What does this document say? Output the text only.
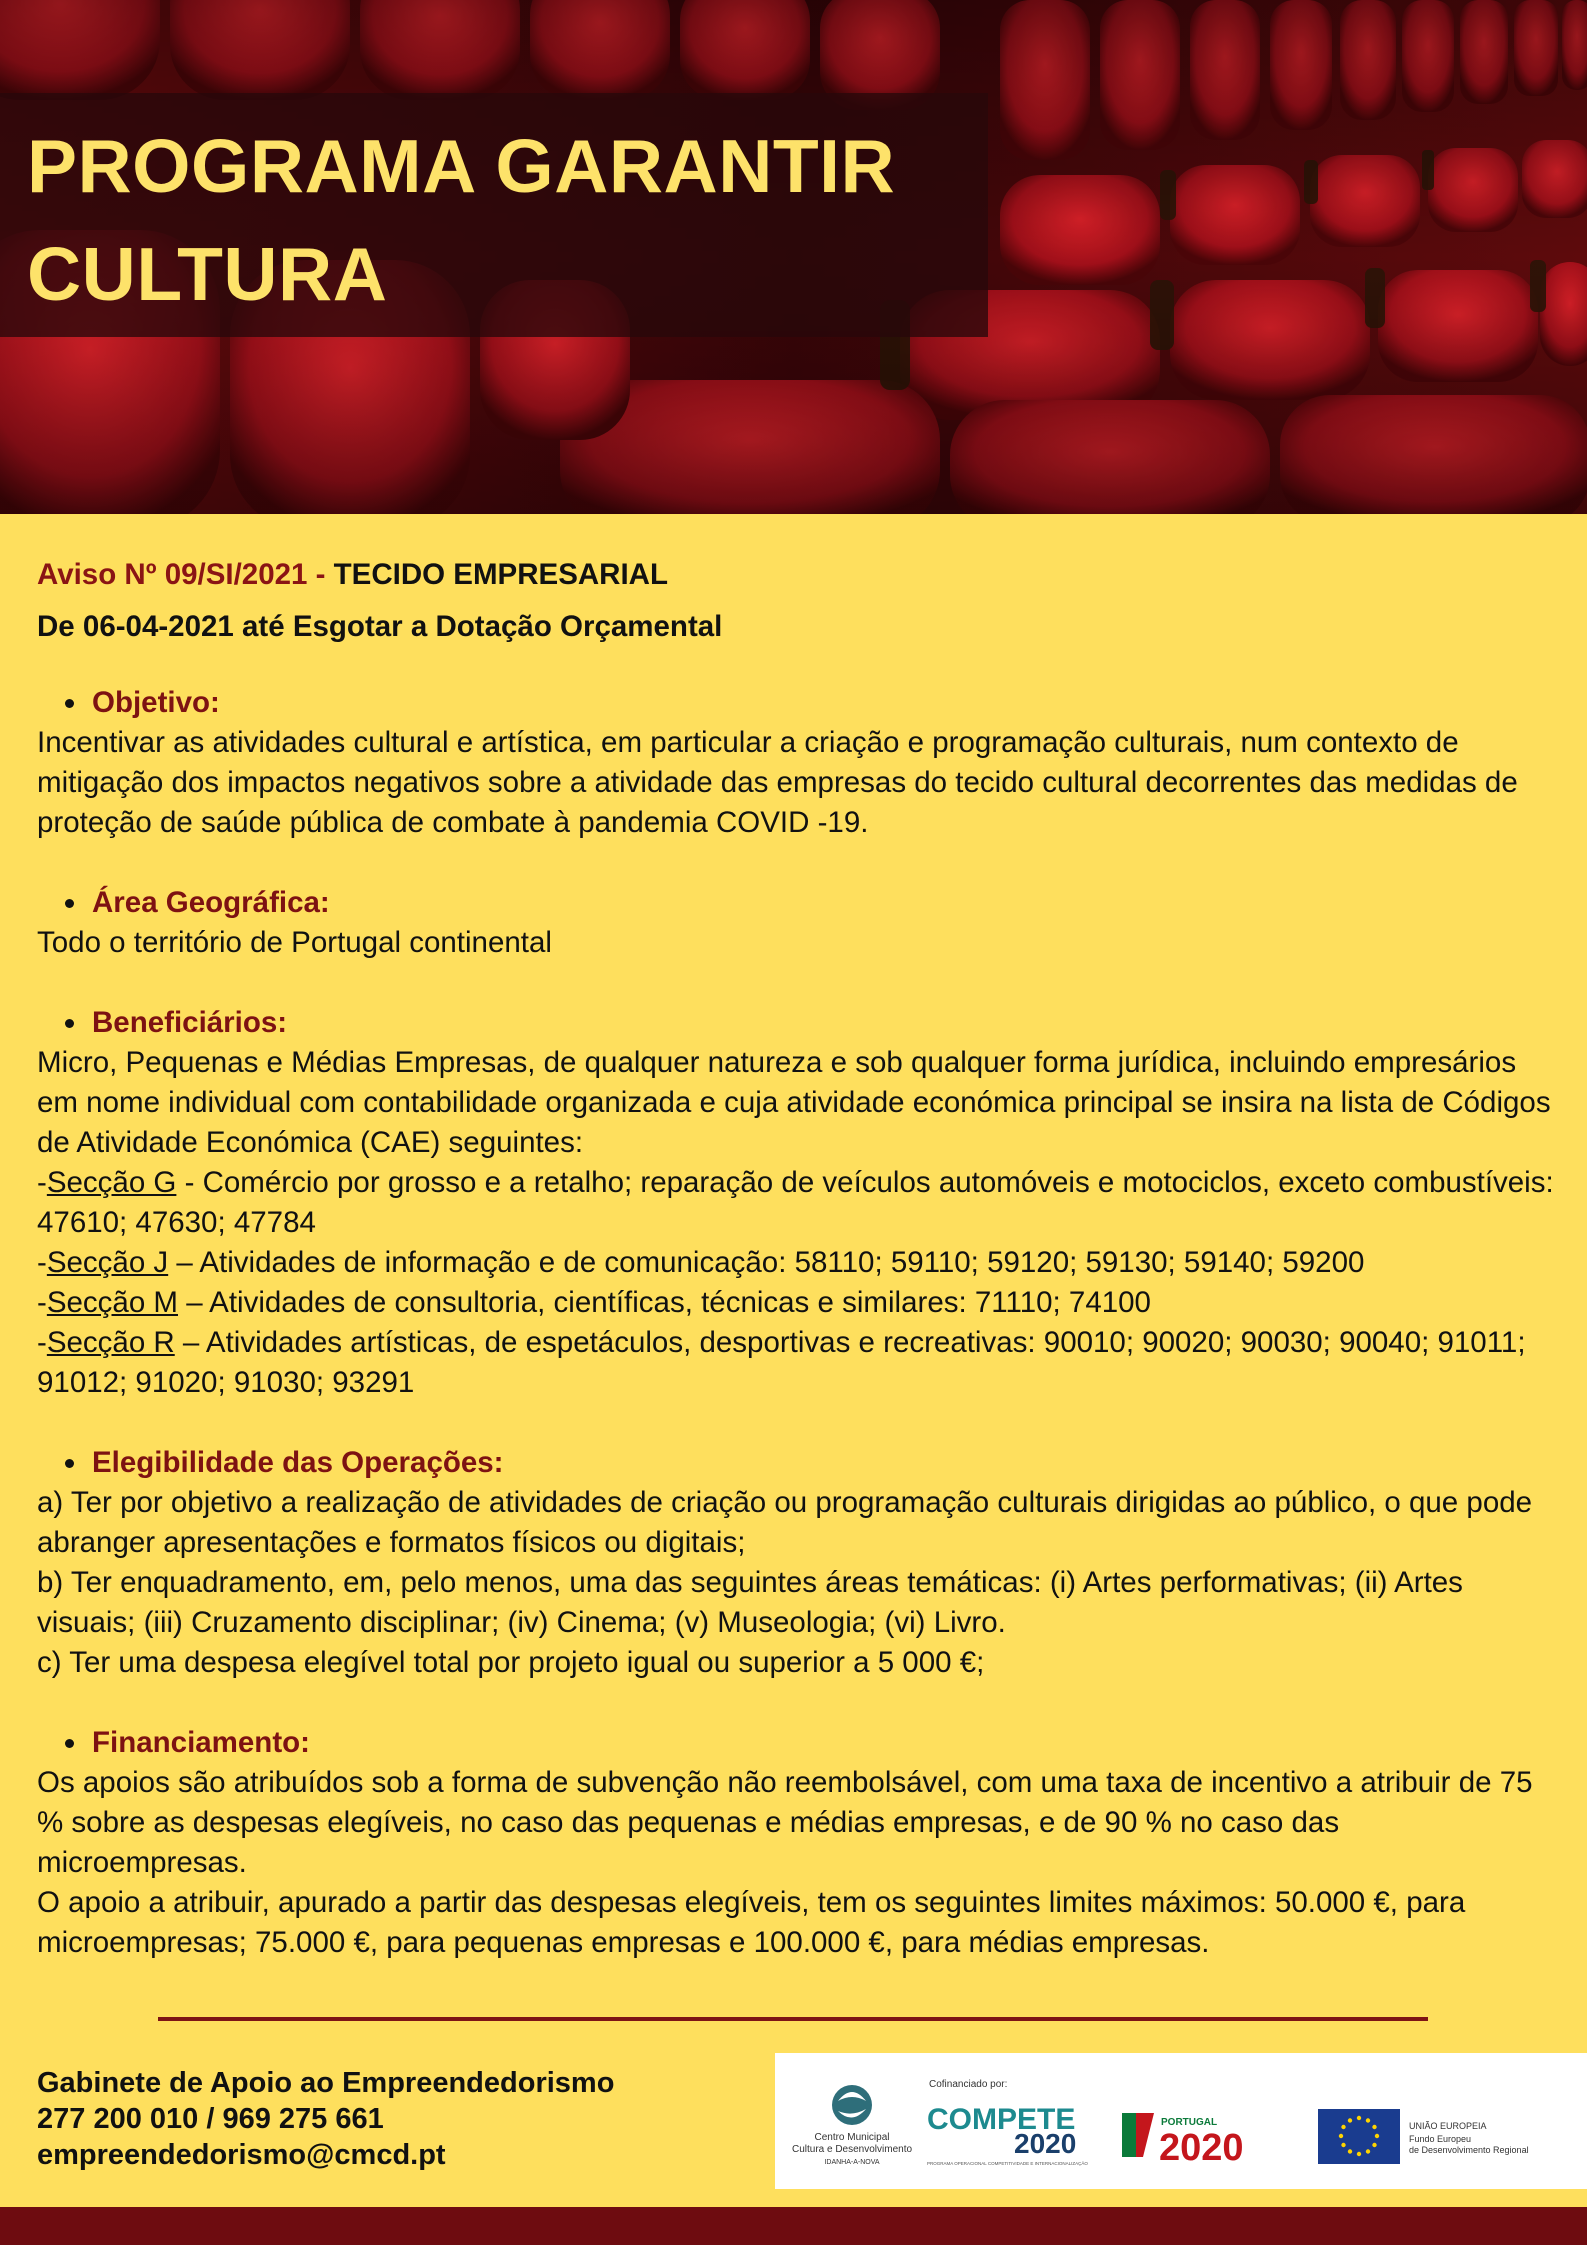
PROGRAMA GARANTIR
CULTURA

Aviso Nº 09/SI/2021 - TECIDO EMPRESARIAL

De 06-04-2021 até Esgotar a Dotação Orçamental

Objetivo:

Incentivar as atividades cultural e artística, em particular a criação e programação culturais, num contexto de mitigação dos impactos negativos sobre a atividade das empresas do tecido cultural decorrentes das medidas de proteção de saúde pública de combate à pandemia COVID -19.

Área Geográfica:

Todo o território de Portugal continental

Beneficiários:

Micro, Pequenas e Médias Empresas, de qualquer natureza e sob qualquer forma jurídica, incluindo empresários em nome individual com contabilidade organizada e cuja atividade económica principal se insira na lista de Códigos de Atividade Económica (CAE) seguintes:

-Secção G - Comércio por grosso e a retalho; reparação de veículos automóveis e motociclos, exceto combustíveis: 47610; 47630; 47784

-Secção J – Atividades de informação e de comunicação: 58110; 59110; 59120; 59130; 59140; 59200

-Secção M – Atividades de consultoria, científicas, técnicas e similares: 71110; 74100

-Secção R – Atividades artísticas, de espetáculos, desportivas e recreativas: 90010; 90020; 90030; 90040; 91011; 91012; 91020; 91030; 93291

Elegibilidade das Operações:

a) Ter por objetivo a realização de atividades de criação ou programação culturais dirigidas ao público, o que pode abranger apresentações e formatos físicos ou digitais;

b) Ter enquadramento, em, pelo menos, uma das seguintes áreas temáticas: (i) Artes performativas; (ii) Artes visuais; (iii) Cruzamento disciplinar; (iv) Cinema; (v) Museologia; (vi) Livro.

c) Ter uma despesa elegível total por projeto igual ou superior a 5 000 €;

Financiamento:

Os apoios são atribuídos sob a forma de subvenção não reembolsável, com uma taxa de incentivo a atribuir de 75 % sobre as despesas elegíveis, no caso das pequenas e médias empresas, e de 90 % no caso das microempresas.

O apoio a atribuir, apurado a partir das despesas elegíveis, tem os seguintes limites máximos: 50.000 €, para microempresas; 75.000 €, para pequenas empresas e 100.000 €, para médias empresas.

Gabinete de Apoio ao Empreendedorismo
277 200 010 / 969 275 661
empreendedorismo@cmcd.pt
Centro Municipal
Cultura e Desenvolvimento
IDANHA-A-NOVA
Cofinanciado por:
COMPETE
2020
PROGRAMA OPERACIONAL COMPETITIVIDADE E INTERNACIONALIZAÇÃO
PORTUGAL
2020
UNIÃO EUROPEIA
Fundo Europeu
de Desenvolvimento Regional
